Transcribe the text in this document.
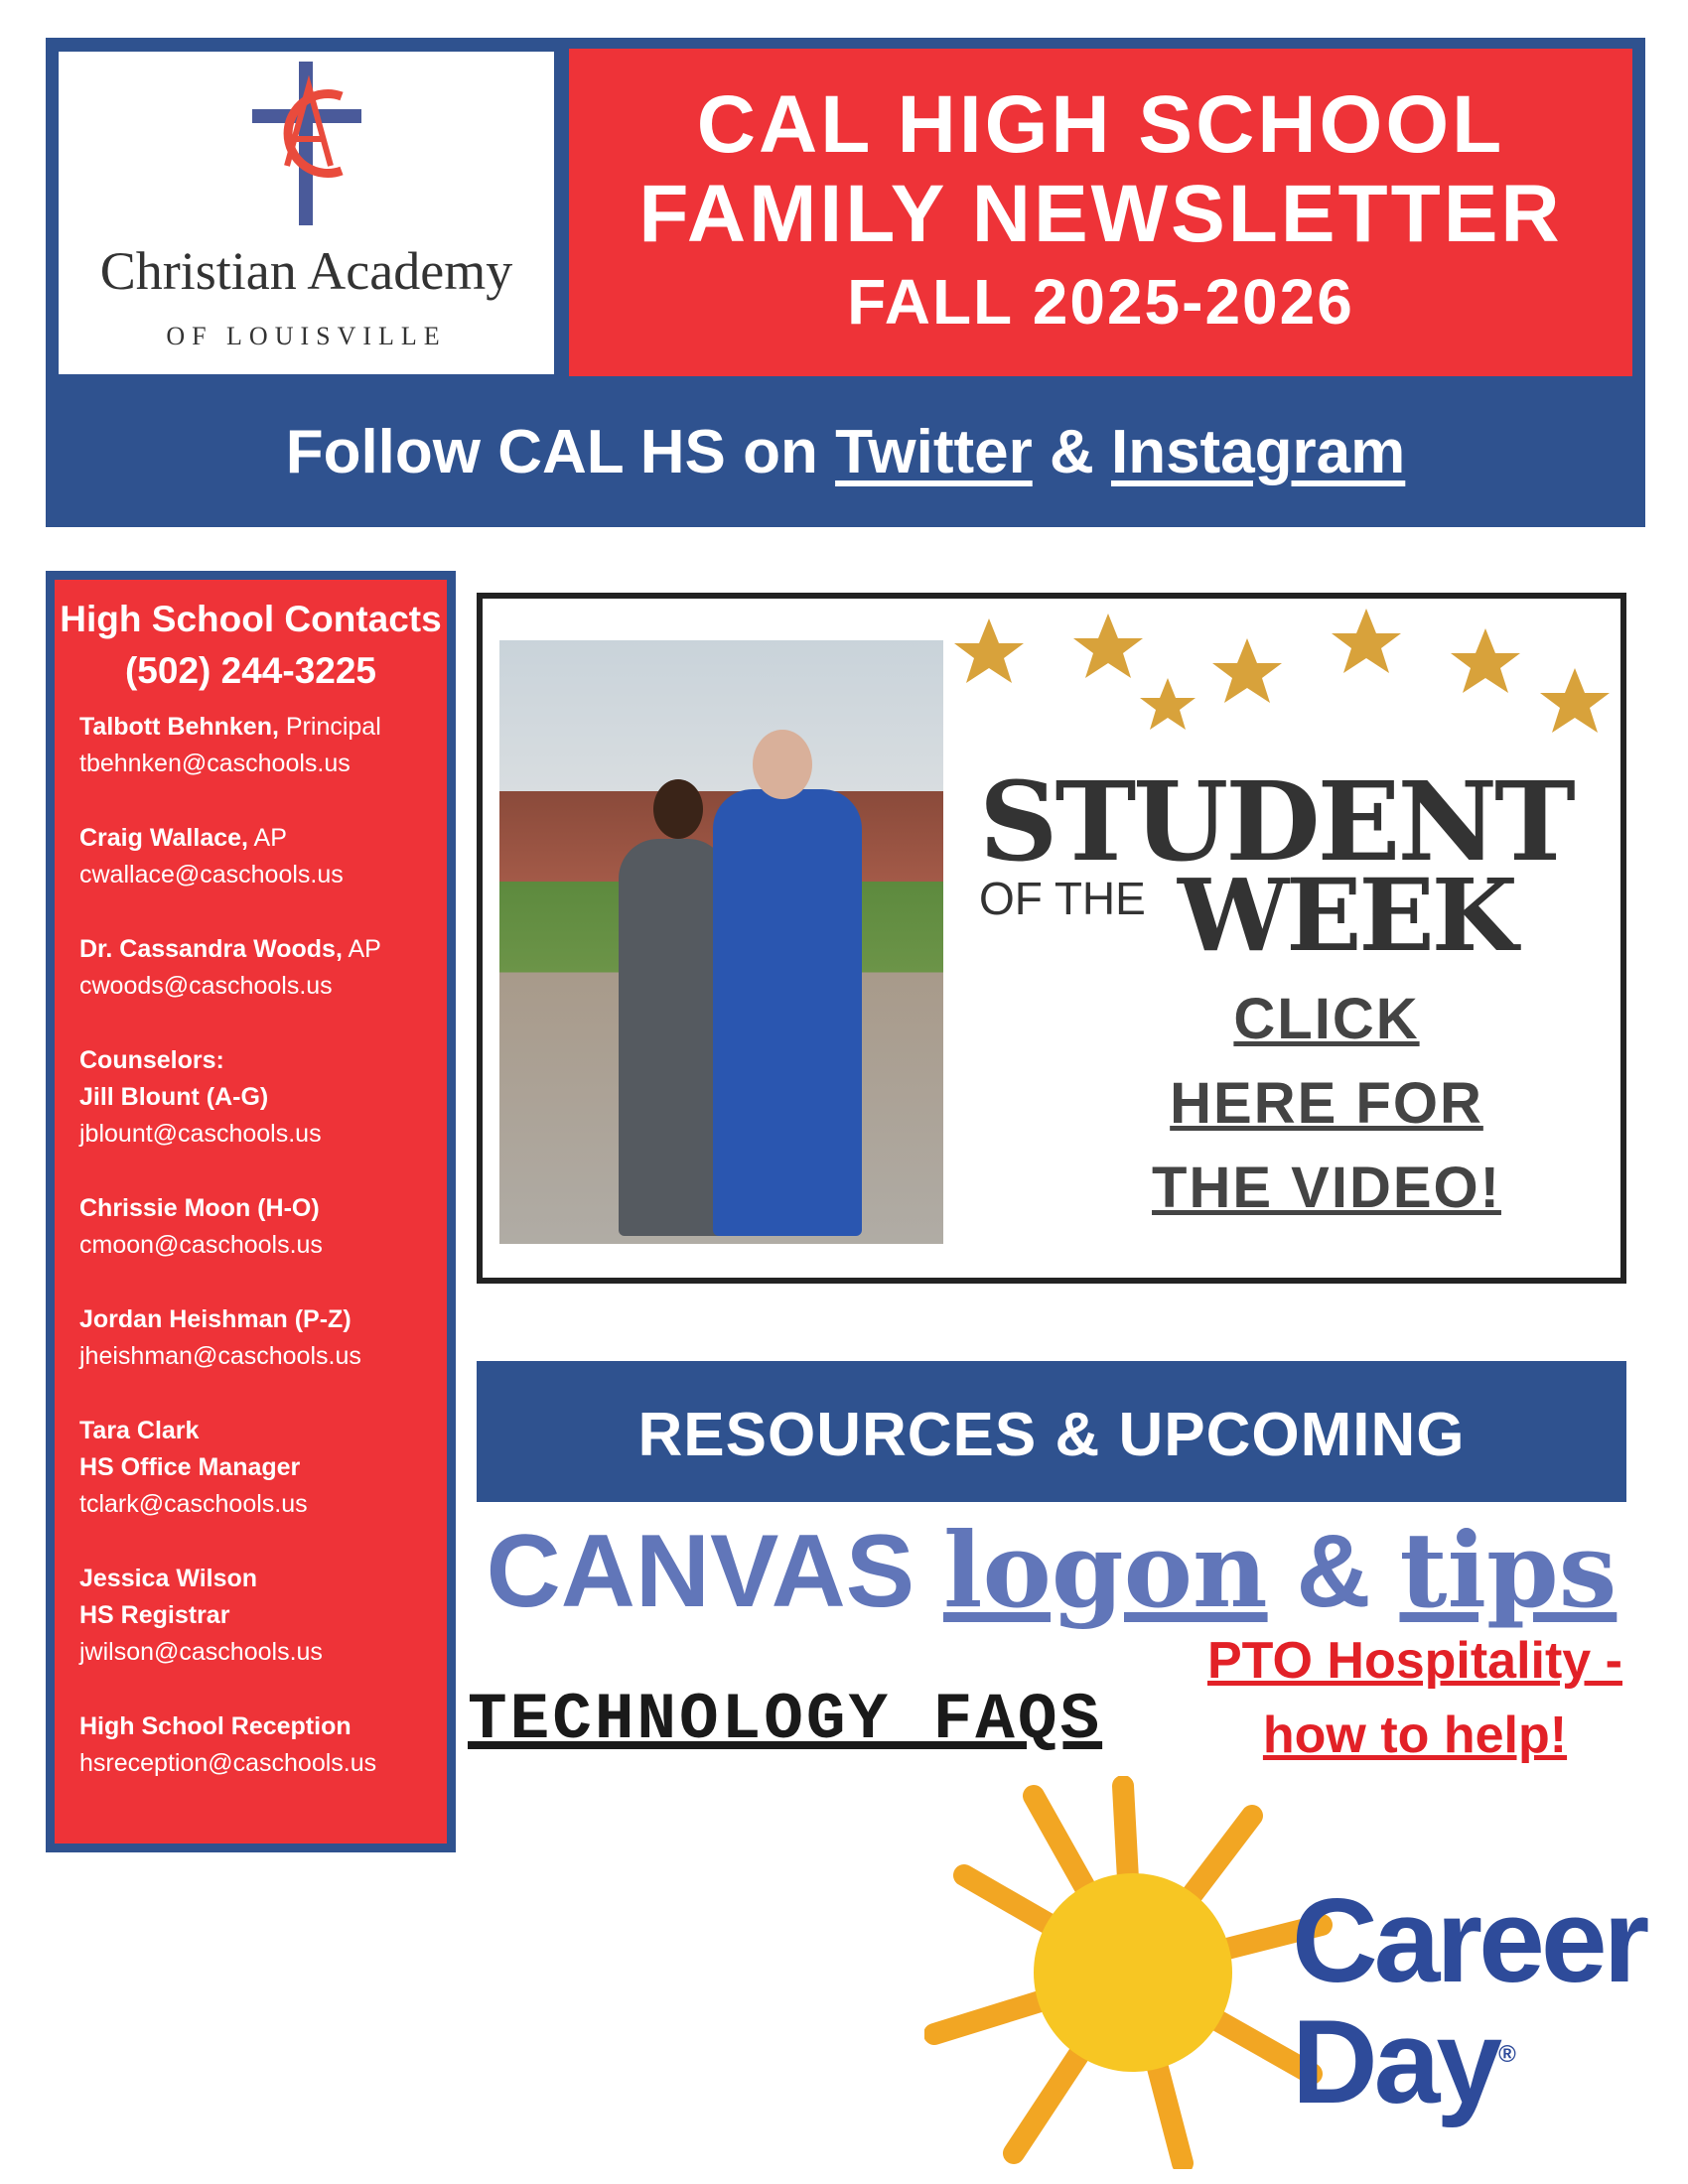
Christian Academy
OF LOUISVILLE
CAL HIGH SCHOOL
FAMILY NEWSLETTER
FALL 2025-2026
Follow CAL HS on Twitter & Instagram
High School Contacts
(502) 244-3225
Talbott Behnken, Principal
tbehnken@caschools.us
Craig Wallace, AP
cwallace@caschools.us
Dr. Cassandra Woods, AP
cwoods@caschools.us
Counselors:
Jill Blount (A-G)
jblount@caschools.us
Chrissie Moon (H-O)
cmoon@caschools.us
Jordan Heishman (P-Z)
jheishman@caschools.us
Tara Clark
HS Office Manager
tclark@caschools.us
Jessica Wilson
HS Registrar
jwilson@caschools.us
High School Reception
hsreception@caschools.us
STUDENT
OF THE WEEK
CLICK
HERE FOR
THE VIDEO!
RESOURCES & UPCOMING
CANVAS logon & tips
TECHNOLOGY FAQS
PTO Hospitality -
how to help!
Career
Day®
